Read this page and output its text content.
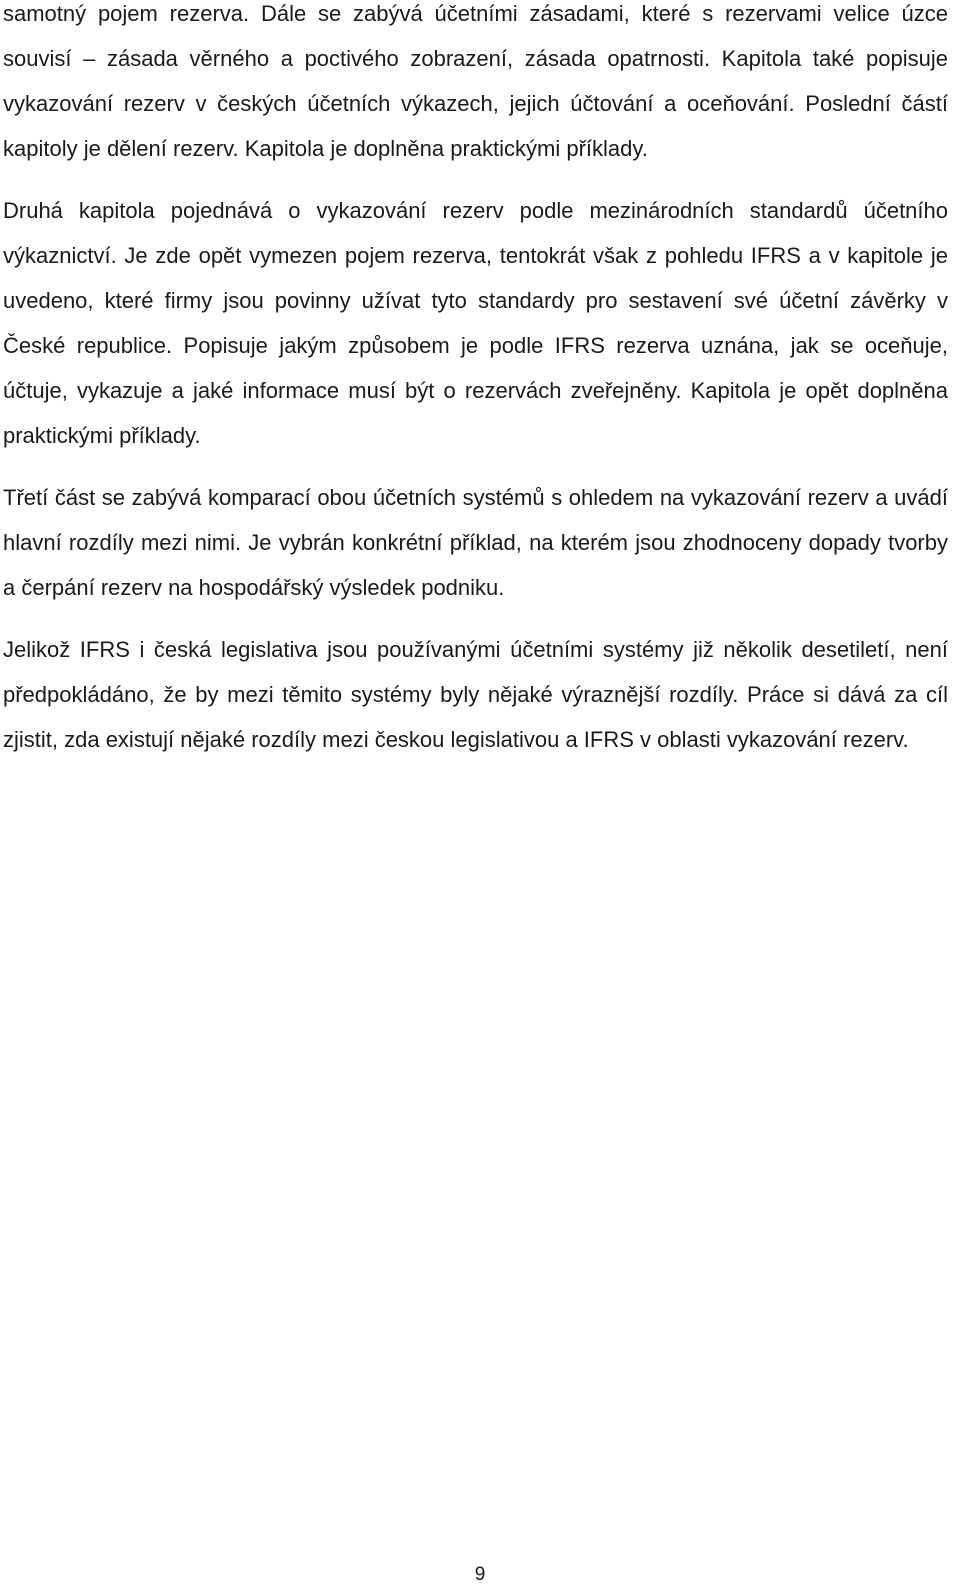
samotný pojem rezerva. Dále se zabývá účetními zásadami, které s rezervami velice úzce souvisí – zásada věrného a poctivého zobrazení, zásada opatrnosti. Kapitola také popisuje vykazování rezerv v českých účetních výkazech, jejich účtování a oceňování. Poslední částí kapitoly je dělení rezerv. Kapitola je doplněna praktickými příklady.

Druhá kapitola pojednává o vykazování rezerv podle mezinárodních standardů účetního výkaznictví. Je zde opět vymezen pojem rezerva, tentokrát však z pohledu IFRS a v kapitole je uvedeno, které firmy jsou povinny užívat tyto standardy pro sestavení své účetní závěrky v České republice. Popisuje jakým způsobem je podle IFRS rezerva uznána, jak se oceňuje, účtuje, vykazuje a jaké informace musí být o rezervách zveřejněny. Kapitola je opět doplněna praktickými příklady.

Třetí část se zabývá komparací obou účetních systémů s ohledem na vykazování rezerv a uvádí hlavní rozdíly mezi nimi. Je vybrán konkrétní příklad, na kterém jsou zhodnoceny dopady tvorby a čerpání rezerv na hospodářský výsledek podniku.

Jelikož IFRS i česká legislativa jsou používanými účetními systémy již několik desetiletí, není předpokládáno, že by mezi těmito systémy byly nějaké výraznější rozdíly. Práce si dává za cíl zjistit, zda existují nějaké rozdíly mezi českou legislativou a IFRS v oblasti vykazování rezerv.

9
